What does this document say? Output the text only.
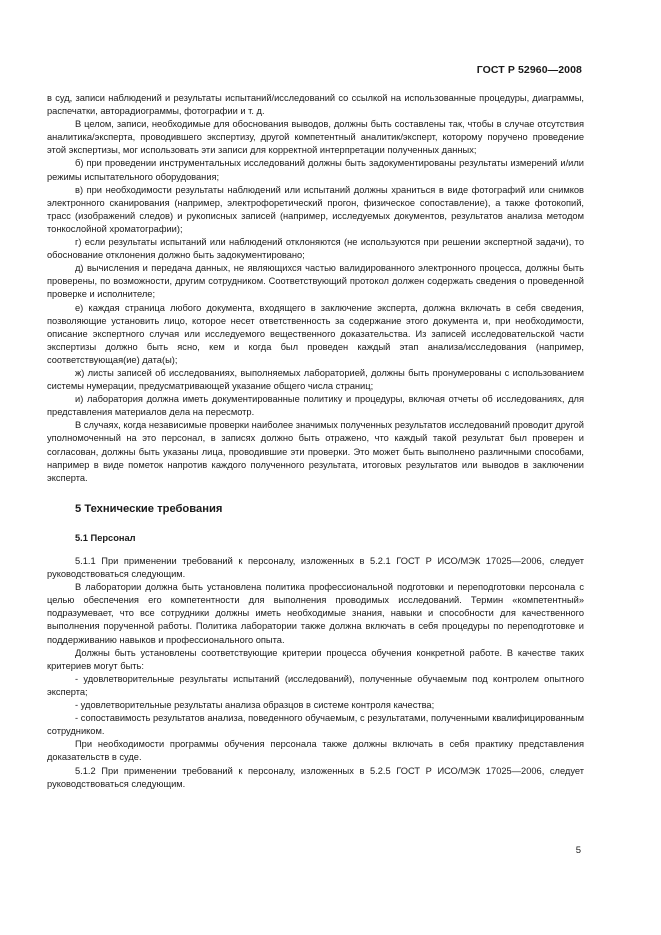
ГОСТ Р 52960—2008

в суд, записи наблюдений и результаты испытаний/исследований со ссылкой на использованные процедуры, диаграммы, распечатки, авторадиограммы, фотографии и т. д.

В целом, записи, необходимые для обоснования выводов, должны быть составлены так, чтобы в случае отсутствия аналитика/эксперта, проводившего экспертизу, другой компетентный аналитик/эксперт, которому поручено проведение этой экспертизы, мог использовать эти записи для корректной интерпретации полученных данных;

б) при проведении инструментальных исследований должны быть задокументированы результаты измерений и/или режимы испытательного оборудования;

в) при необходимости результаты наблюдений или испытаний должны храниться в виде фотографий или снимков электронного сканирования (например, электрофоретический прогон, физическое сопоставление), а также фотокопий, трасс (изображений следов) и рукописных записей (например, исследуемых документов, результатов анализа методом тонкослойной хроматографии);

г) если результаты испытаний или наблюдений отклоняются (не используются при решении экспертной задачи), то обоснование отклонения должно быть задокументировано;

д) вычисления и передача данных, не являющихся частью валидированного электронного процесса, должны быть проверены, по возможности, другим сотрудником. Соответствующий протокол должен содержать сведения о проведенной проверке и исполнителе;

е) каждая страница любого документа, входящего в заключение эксперта, должна включать в себя сведения, позволяющие установить лицо, которое несет ответственность за содержание этого документа и, при необходимости, описание экспертного случая или исследуемого вещественного доказательства. Из записей исследовательской части экспертизы должно быть ясно, кем и когда был проведен каждый этап анализа/исследования (например, соответствующая(ие) дата(ы);

ж) листы записей об исследованиях, выполняемых лабораторией, должны быть пронумерованы с использованием системы нумерации, предусматривающей указание общего числа страниц;

и) лаборатория должна иметь документированные политику и процедуры, включая отчеты об исследованиях, для представления материалов дела на пересмотр.

В случаях, когда независимые проверки наиболее значимых полученных результатов исследований проводит другой уполномоченный на это персонал, в записях должно быть отражено, что каждый такой результат был проверен и согласован, должны быть указаны лица, проводившие эти проверки. Это может быть выполнено различными способами, например в виде пометок напротив каждого полученного результата, итоговых результатов или выводов в заключении эксперта.

5 Технические требования
5.1 Персонал

5.1.1 При применении требований к персоналу, изложенных в 5.2.1 ГОСТ Р ИСО/МЭК 17025—2006, следует руководствоваться следующим.

В лаборатории должна быть установлена политика профессиональной подготовки и переподготовки персонала с целью обеспечения его компетентности для выполнения проводимых исследований. Термин «компетентный» подразумевает, что все сотрудники должны иметь необходимые знания, навыки и способности для качественного выполнения порученной работы. Политика лаборатории также должна включать в себя процедуры по переподготовке и поддерживанию навыков и профессионального опыта.

Должны быть установлены соответствующие критерии процесса обучения конкретной работе. В качестве таких критериев могут быть:

- удовлетворительные результаты испытаний (исследований), полученные обучаемым под контролем опытного эксперта;

- удовлетворительные результаты анализа образцов в системе контроля качества;

- сопоставимость результатов анализа, поведенного обучаемым, с результатами, полученными квалифицированным сотрудником.

При необходимости программы обучения персонала также должны включать в себя практику представления доказательств в суде.

5.1.2 При применении требований к персоналу, изложенных в 5.2.5 ГОСТ Р ИСО/МЭК 17025—2006, следует руководствоваться следующим.

5
